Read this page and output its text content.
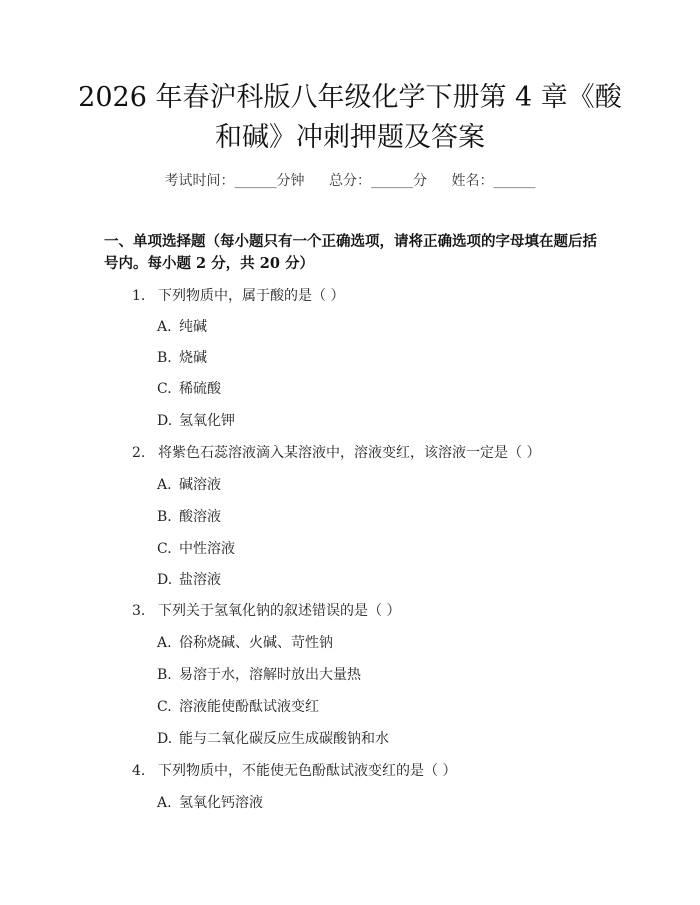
2026 年春沪科版八年级化学下册第 4 章《酸
和碱》冲刺押题及答案
考试时间：______分钟 总分：______分 姓名：______
一、单项选择题（每小题只有一个正确选项，请将正确选项的字母填在题后括号内。每小题 2 分，共 20 分）
1. 下列物质中，属于酸的是（ ）
A. 纯碱
B. 烧碱
C. 稀硫酸
D. 氢氧化钾
2. 将紫色石蕊溶液滴入某溶液中，溶液变红，该溶液一定是（ ）
A. 碱溶液
B. 酸溶液
C. 中性溶液
D. 盐溶液
3. 下列关于氢氧化钠的叙述错误的是（ ）
A. 俗称烧碱、火碱、苛性钠
B. 易溶于水，溶解时放出大量热
C. 溶液能使酚酞试液变红
D. 能与二氧化碳反应生成碳酸钠和水
4. 下列物质中，不能使无色酚酞试液变红的是（ ）
A. 氢氧化钙溶液
